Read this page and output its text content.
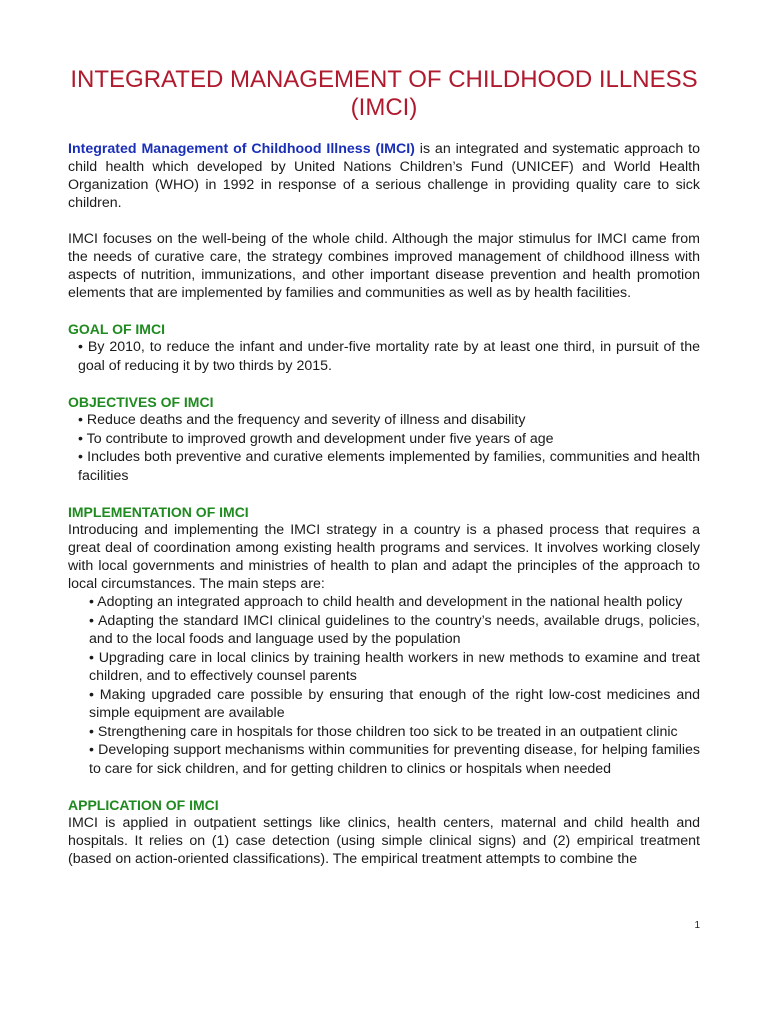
INTEGRATED MANAGEMENT OF CHILDHOOD ILLNESS (IMCI)

Integrated Management of Childhood Illness (IMCI) is an integrated and systematic approach to child health which developed by United Nations Children’s Fund (UNICEF) and World Health Organization (WHO) in 1992 in response of a serious challenge in providing quality care to sick children.

IMCI focuses on the well-being of the whole child. Although the major stimulus for IMCI came from the needs of curative care, the strategy combines improved management of childhood illness with aspects of nutrition, immunizations, and other important disease prevention and health promotion elements that are implemented by families and communities as well as by health facilities.

GOAL OF IMCI

• By 2010, to reduce the infant and under-five mortality rate by at least one third, in pursuit of the goal of reducing it by two thirds by 2015.

OBJECTIVES OF IMCI

• Reduce deaths and the frequency and severity of illness and disability
• To contribute to improved growth and development under five years of age
• Includes both preventive and curative elements implemented by families, communities and health facilities

IMPLEMENTATION OF IMCI

Introducing and implementing the IMCI strategy in a country is a phased process that requires a great deal of coordination among existing health programs and services. It involves working closely with local governments and ministries of health to plan and adapt the principles of the approach to local circumstances. The main steps are:

• Adopting an integrated approach to child health and development in the national health policy
• Adapting the standard IMCI clinical guidelines to the country’s needs, available drugs, policies, and to the local foods and language used by the population
• Upgrading care in local clinics by training health workers in new methods to examine and treat children, and to effectively counsel parents
• Making upgraded care possible by ensuring that enough of the right low-cost medicines and simple equipment are available
• Strengthening care in hospitals for those children too sick to be treated in an outpatient clinic
• Developing support mechanisms within communities for preventing disease, for helping families to care for sick children, and for getting children to clinics or hospitals when needed

APPLICATION OF IMCI

IMCI is applied in outpatient settings like clinics, health centers, maternal and child health and hospitals. It relies on (1) case detection (using simple clinical signs) and (2) empirical treatment (based on action-oriented classifications). The empirical treatment attempts to combine the

1
